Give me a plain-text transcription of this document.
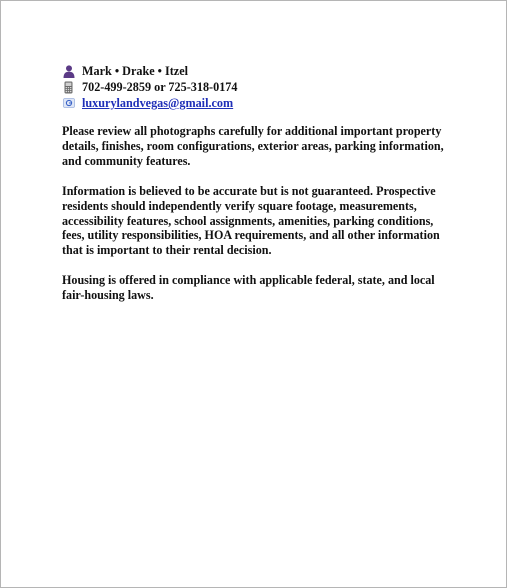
Mark • Drake • Itzel
702-499-2859 or 725-318-0174
luxurylandvegas@gmail.com

Please review all photographs carefully for additional important property details, finishes, room configurations, exterior areas, parking information, and community features.

Information is believed to be accurate but is not guaranteed. Prospective residents should independently verify square footage, measurements, accessibility features, school assignments, amenities, parking conditions, fees, utility responsibilities, HOA requirements, and all other information that is important to their rental decision.

Housing is offered in compliance with applicable federal, state, and local fair-housing laws.
